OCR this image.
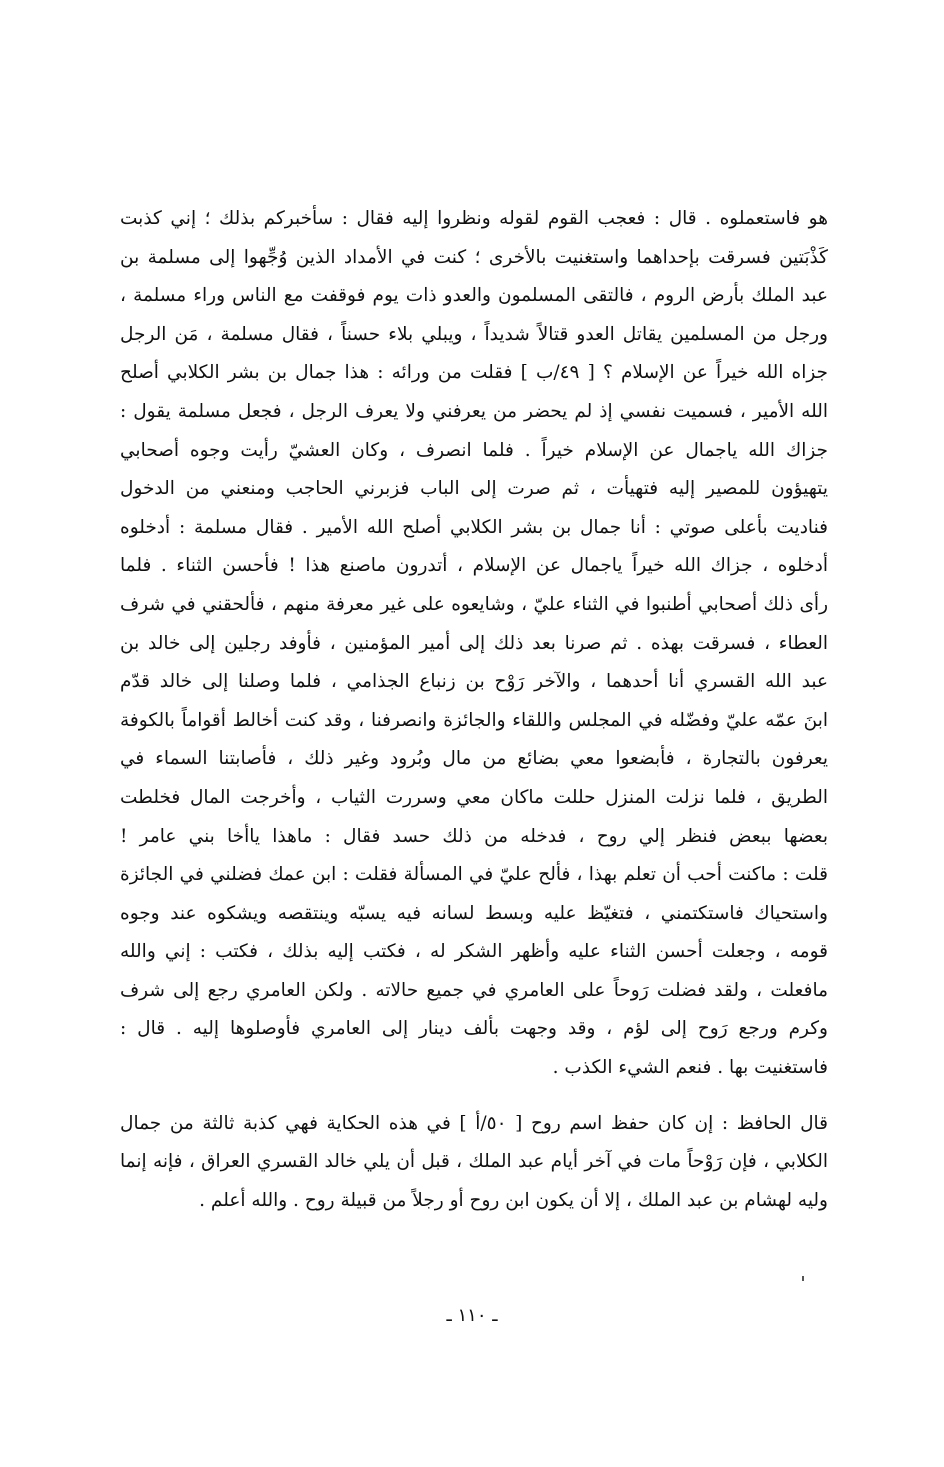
هو فاستعملوه . قال : فعجب القوم لقوله ونظروا إليه فقال : سأخبركم بذلك ؛ إني كذبت
كَذْبَتين فسرقت بإحداهما واستغنيت بالأخرى ؛ كنت في الأمداد الذين وُجِّهوا إلى مسلمة بن
عبد الملك بأرض الروم ، فالتقى المسلمون والعدو ذات يوم فوقفت مع الناس وراء مسلمة ،
ورجل من المسلمين يقاتل العدو قتالاً شديداً ، ويبلي بلاء حسناً ، فقال مسلمة ، مَن الرجل
جزاه الله خيراً عن الإسلام ؟ [ ٤٩/ب ] فقلت من ورائه : هذا جمال بن بشر الكلابي أصلح
الله الأمير ، فسميت نفسي إذ لم يحضر من يعرفني ولا يعرف الرجل ، فجعل مسلمة يقول :
جزاك الله ياجمال عن الإسلام خيراً . فلما انصرف ، وكان العشيّ رأيت وجوه أصحابي
يتهيؤون للمصير إليه فتهيأت ، ثم صرت إلى الباب فزبرني الحاجب ومنعني من الدخول
فناديت بأعلى صوتي : أنا جمال بن بشر الكلابي أصلح الله الأمير . فقال مسلمة : أدخلوه
أدخلوه ، جزاك الله خيراً ياجمال عن الإسلام ، أتدرون ماصنع هذا ! فأحسن الثناء . فلما
رأى ذلك أصحابي أطنبوا في الثناء عليّ ، وشايعوه على غير معرفة منهم ، فألحقني في شرف
العطاء ، فسرقت بهذه . ثم صرنا بعد ذلك إلى أمير المؤمنين ، فأوفد رجلين إلى خالد بن
عبد الله القسري أنا أحدهما ، والآخر رَوْح بن زنباع الجذامي ، فلما وصلنا إلى خالد قدّم
ابنَ عمّه عليّ وفضّله في المجلس واللقاء والجائزة وانصرفنا ، وقد كنت أخالط أقواماً بالكوفة
يعرفون بالتجارة ، فأبضعوا معي بضائع من مال وبُرود وغير ذلك ، فأصابتنا السماء في
الطريق ، فلما نزلت المنزل حللت ماكان معي وسررت الثياب ، وأخرجت المال فخلطت
بعضها ببعض فنظر إلي روح ، فدخله من ذلك حسد فقال : ماهذا ياأخا بني عامر !
قلت : ماكنت أحب أن تعلم بهذا ، فألح عليّ في المسألة فقلت : ابن عمك فضلني في الجائزة
واستحياك فاستكتمني ، فتغيّظ عليه وبسط لسانه فيه يسبّه وينتقصه ويشكوه عند وجوه
قومه ، وجعلت أحسن الثناء عليه وأظهر الشكر له ، فكتب إليه بذلك ، فكتب : إني والله
مافعلت ، ولقد فضلت رَوحاً على العامري في جميع حالاته . ولكن العامري رجع إلى شرف
وكرم ورجع رَوح إلى لؤم ، وقد وجهت بألف دينار إلى العامري فأوصلوها إليه . قال :
فاستغنيت بها . فنعم الشيء الكذب .
قال الحافظ : إن كان حفظ اسم روح [ ٥٠/أ ] في هذه الحكاية فهي كذبة ثالثة من جمال
الكلابي ، فإن رَوْحاً مات في آخر أيام عبد الملك ، قبل أن يلي خالد القسري العراق ، فإنه إنما
وليه لهشام بن عبد الملك ، إلا أن يكون ابن روح أو رجلاً من قبيلة روح . والله أعلم .
ـ ١١٠ ـ
